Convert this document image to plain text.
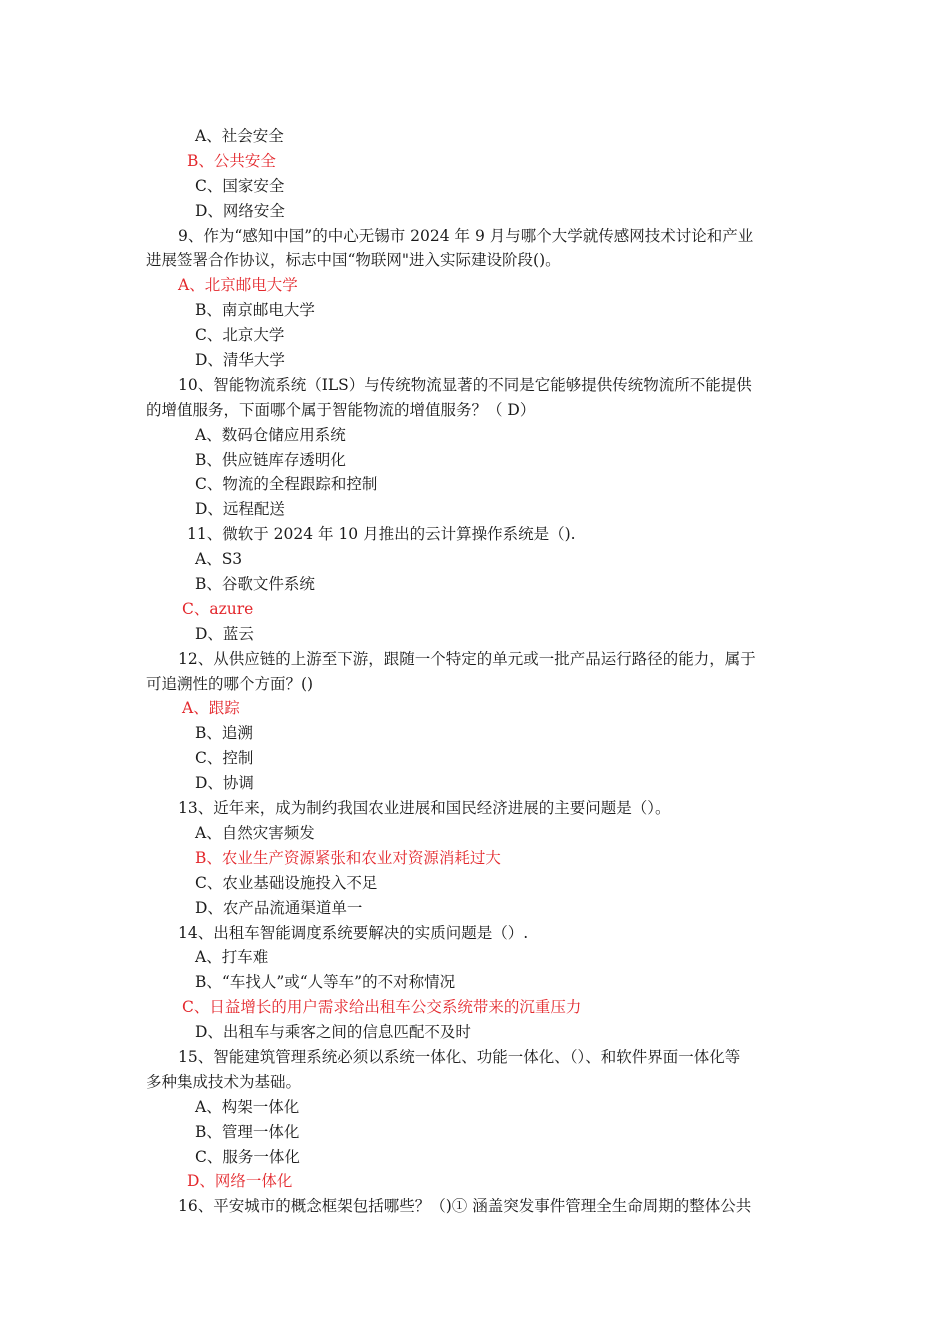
A、社会安全
B、公共安全
C、国家安全
D、网络安全
9、作为“感知中国”的中心无锡市 2024 年 9 月与哪个大学就传感网技术讨论和产业
进展签署合作协议，标志中国“物联网"进入实际建设阶段()。
A、北京邮电大学
B、南京邮电大学
C、北京大学
D、清华大学
10、智能物流系统（ILS）与传统物流显著的不同是它能够提供传统物流所不能提供
的增值服务，下面哪个属于智能物流的增值服务？（ D）
A、数码仓储应用系统
B、供应链库存透明化
C、物流的全程跟踪和控制
D、远程配送
11、微软于 2024 年 10 月推出的云计算操作系统是（).
A、S3
B、谷歌文件系统
C、azure
D、蓝云
12、从供应链的上游至下游，跟随一个特定的单元或一批产品运行路径的能力，属于
可追溯性的哪个方面？()
A、跟踪
B、追溯
C、控制
D、协调
13、近年来，成为制约我国农业进展和国民经济进展的主要问题是（）。
A、自然灾害频发
B、农业生产资源紧张和农业对资源消耗过大
C、农业基础设施投入不足
D、农产品流通渠道单一
14、出租车智能调度系统要解决的实质问题是（）.
A、打车难
B、“车找人”或“人等车”的不对称情况
C、日益增长的用户需求给出租车公交系统带来的沉重压力
D、出租车与乘客之间的信息匹配不及时
15、智能建筑管理系统必须以系统一体化、功能一体化、（）、和软件界面一体化等
多种集成技术为基础。
A、构架一体化
B、管理一体化
C、服务一体化
D、网络一体化
16、平安城市的概念框架包括哪些？（)① 涵盖突发事件管理全生命周期的整体公共
